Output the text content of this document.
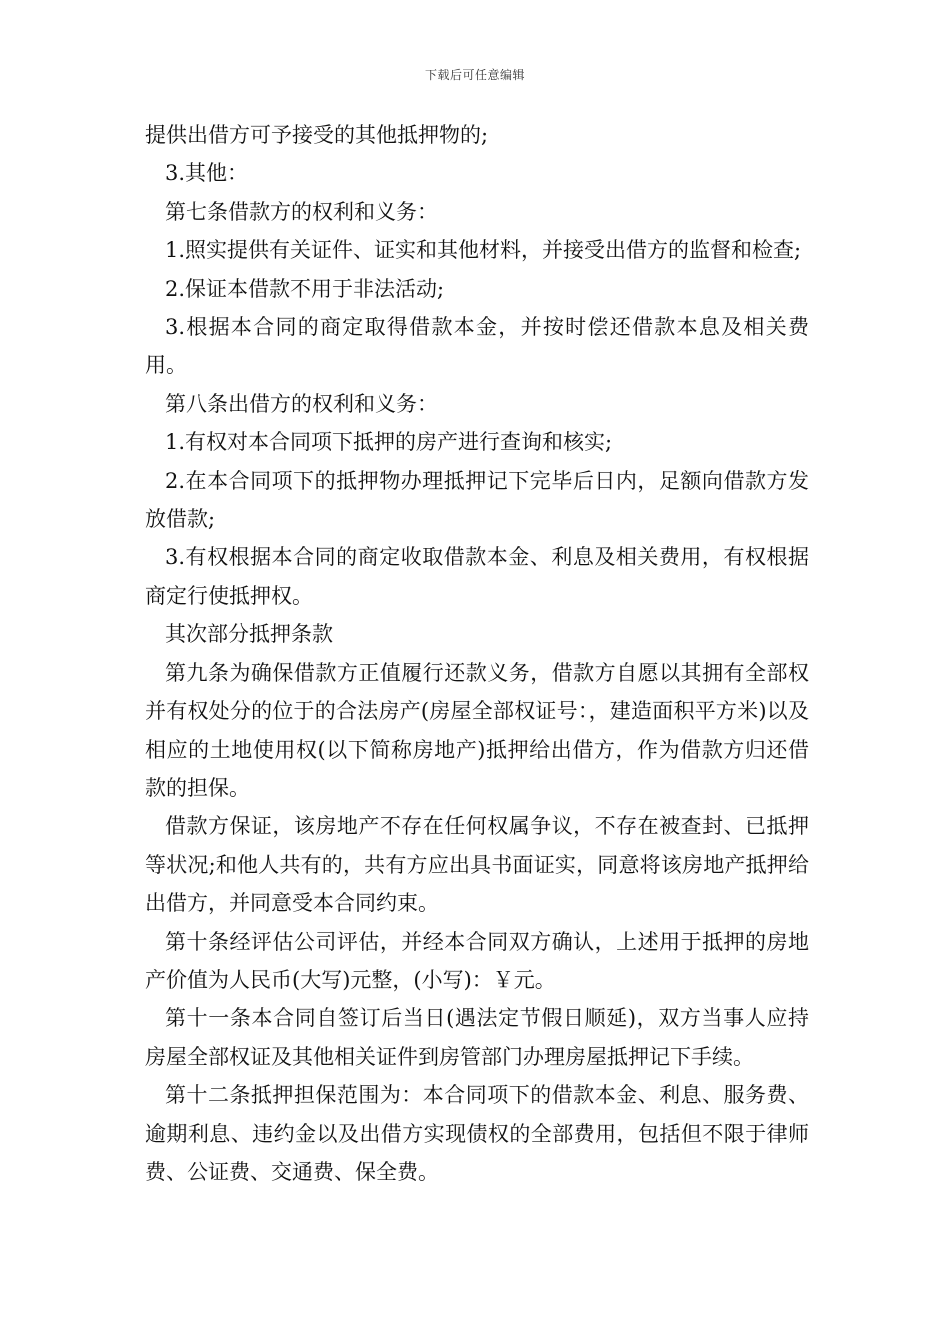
下载后可任意编辑

提供出借方可予接受的其他抵押物的;

3.其他：

第七条借款方的权利和义务：

1.照实提供有关证件、证实和其他材料，并接受出借方的监督和检查;

2.保证本借款不用于非法活动;

3.根据本合同的商定取得借款本金，并按时偿还借款本息及相关费用。

第八条出借方的权利和义务：

1.有权对本合同项下抵押的房产进行查询和核实;

2.在本合同项下的抵押物办理抵押记下完毕后日内，足额向借款方发放借款;

3.有权根据本合同的商定收取借款本金、利息及相关费用，有权根据商定行使抵押权。

其次部分抵押条款

第九条为确保借款方正值履行还款义务，借款方自愿以其拥有全部权并有权处分的位于的合法房产(房屋全部权证号：，建造面积平方米)以及相应的土地使用权(以下简称房地产)抵押给出借方，作为借款方归还借款的担保。

借款方保证，该房地产不存在任何权属争议，不存在被查封、已抵押等状况;和他人共有的，共有方应出具书面证实，同意将该房地产抵押给出借方，并同意受本合同约束。

第十条经评估公司评估，并经本合同双方确认，上述用于抵押的房地产价值为人民币(大写)元整，(小写)：￥元。

第十一条本合同自签订后当日(遇法定节假日顺延)，双方当事人应持房屋全部权证及其他相关证件到房管部门办理房屋抵押记下手续。

第十二条抵押担保范围为：本合同项下的借款本金、利息、服务费、逾期利息、违约金以及出借方实现债权的全部费用，包括但不限于律师费、公证费、交通费、保全费。
